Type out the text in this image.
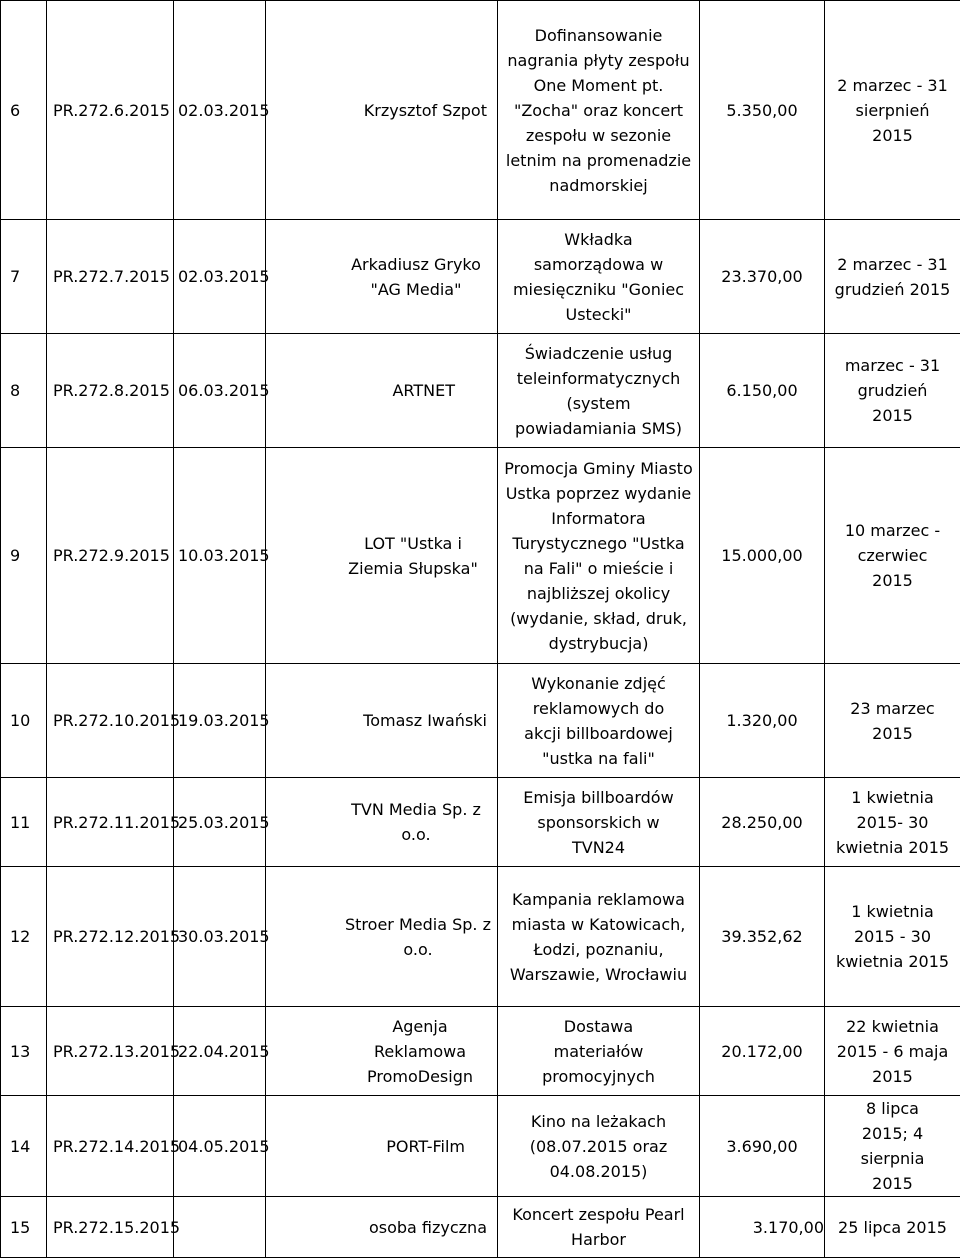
6	PR.272.6.2015	02.03.2015	Krzysztof Szpot	Dofinansowanie nagrania płyty zespołu One Moment pt. "Zocha" oraz koncert zespołu w sezonie letnim na promenadzie nadmorskiej	5.350,00	2 marzec - 31 sierpnień 2015

7	PR.272.7.2015	02.03.2015	Arkadiusz Gryko "AG Media"	Wkładka samorządowa w miesięczniku "Goniec Ustecki"	23.370,00	2 marzec - 31 grudzień 2015

8	PR.272.8.2015	06.03.2015	ARTNET	Świadczenie usług teleinformatycznych (system powiadamiania SMS)	6.150,00	marzec - 31 grudzień 2015

9	PR.272.9.2015	10.03.2015	LOT "Ustka i Ziemia Słupska"	Promocja Gminy Miasto Ustka poprzez wydanie Informatora Turystycznego "Ustka na Fali" o mieście i najbliższej okolicy (wydanie, skład, druk, dystrybucja)	15.000,00	10 marzec - czerwiec 2015

10	PR.272.10.2015	19.03.2015	Tomasz Iwański	Wykonanie zdjęć reklamowych do akcji billboardowej "ustka na fali"	1.320,00	23 marzec 2015

11	PR.272.11.2015	25.03.2015	TVN Media Sp. z o.o.	Emisja billboardów sponsorskich w TVN24	28.250,00	1 kwietnia 2015- 30 kwietnia 2015

12	PR.272.12.2015	30.03.2015	Stroer Media Sp. z o.o.	Kampania reklamowa miasta w Katowicach, Łodzi, poznaniu, Warszawie, Wrocławiu	39.352,62	1 kwietnia 2015 - 30 kwietnia 2015

13	PR.272.13.2015	22.04.2015	Agenja Reklamowa PromoDesign	Dostawa materiałów promocyjnych	20.172,00	22 kwietnia 2015 - 6 maja 2015

14	PR.272.14.2015	04.05.2015	PORT-Film	Kino na leżakach (08.07.2015 oraz 04.08.2015)	3.690,00	8 lipca 2015; 4 sierpnia 2015

15	PR.272.15.2015		osoba fizyczna	Koncert zespołu Pearl Harbor	3.170,00	25 lipca 2015
